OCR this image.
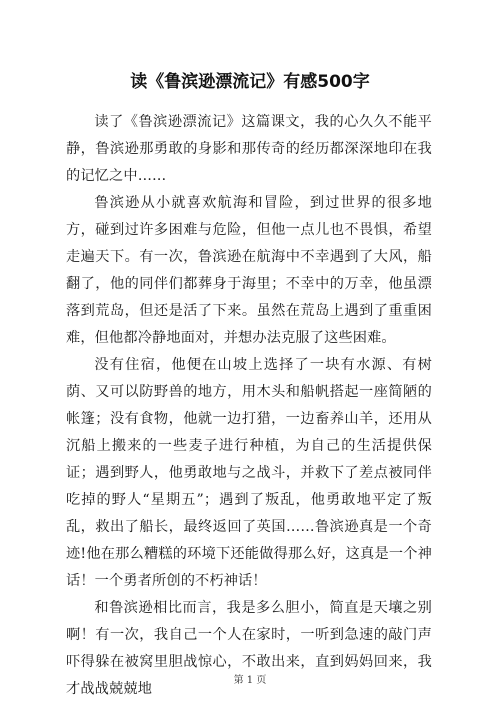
读《鲁滨逊漂流记》有感500字

读了《鲁滨逊漂流记》这篇课文，我的心久久不能平静，鲁滨逊那勇敢的身影和那传奇的经历都深深地印在我的记忆之中……

鲁滨逊从小就喜欢航海和冒险，到过世界的很多地方，碰到过许多困难与危险，但他一点儿也不畏惧，希望走遍天下。有一次，鲁滨逊在航海中不幸遇到了大风，船翻了，他的同伴们都葬身于海里；不幸中的万幸，他虽漂落到荒岛，但还是活了下来。虽然在荒岛上遇到了重重困难，但他都冷静地面对，并想办法克服了这些困难。

没有住宿，他便在山坡上选择了一块有水源、有树荫、又可以防野兽的地方，用木头和船帆搭起一座简陋的帐篷；没有食物，他就一边打猎，一边畜养山羊，还用从沉船上搬来的一些麦子进行种植，为自己的生活提供保证；遇到野人，他勇敢地与之战斗，并救下了差点被同伴吃掉的野人“星期五”；遇到了叛乱，他勇敢地平定了叛乱，救出了船长，最终返回了英国……鲁滨逊真是一个奇迹!他在那么糟糕的环境下还能做得那么好，这真是一个神话！一个勇者所创的不朽神话！

和鲁滨逊相比而言，我是多么胆小，简直是天壤之别啊！有一次，我自己一个人在家时，一听到急速的敲门声吓得躲在被窝里胆战惊心，不敢出来，直到妈妈回来，我才战战兢兢地

第 1 页
